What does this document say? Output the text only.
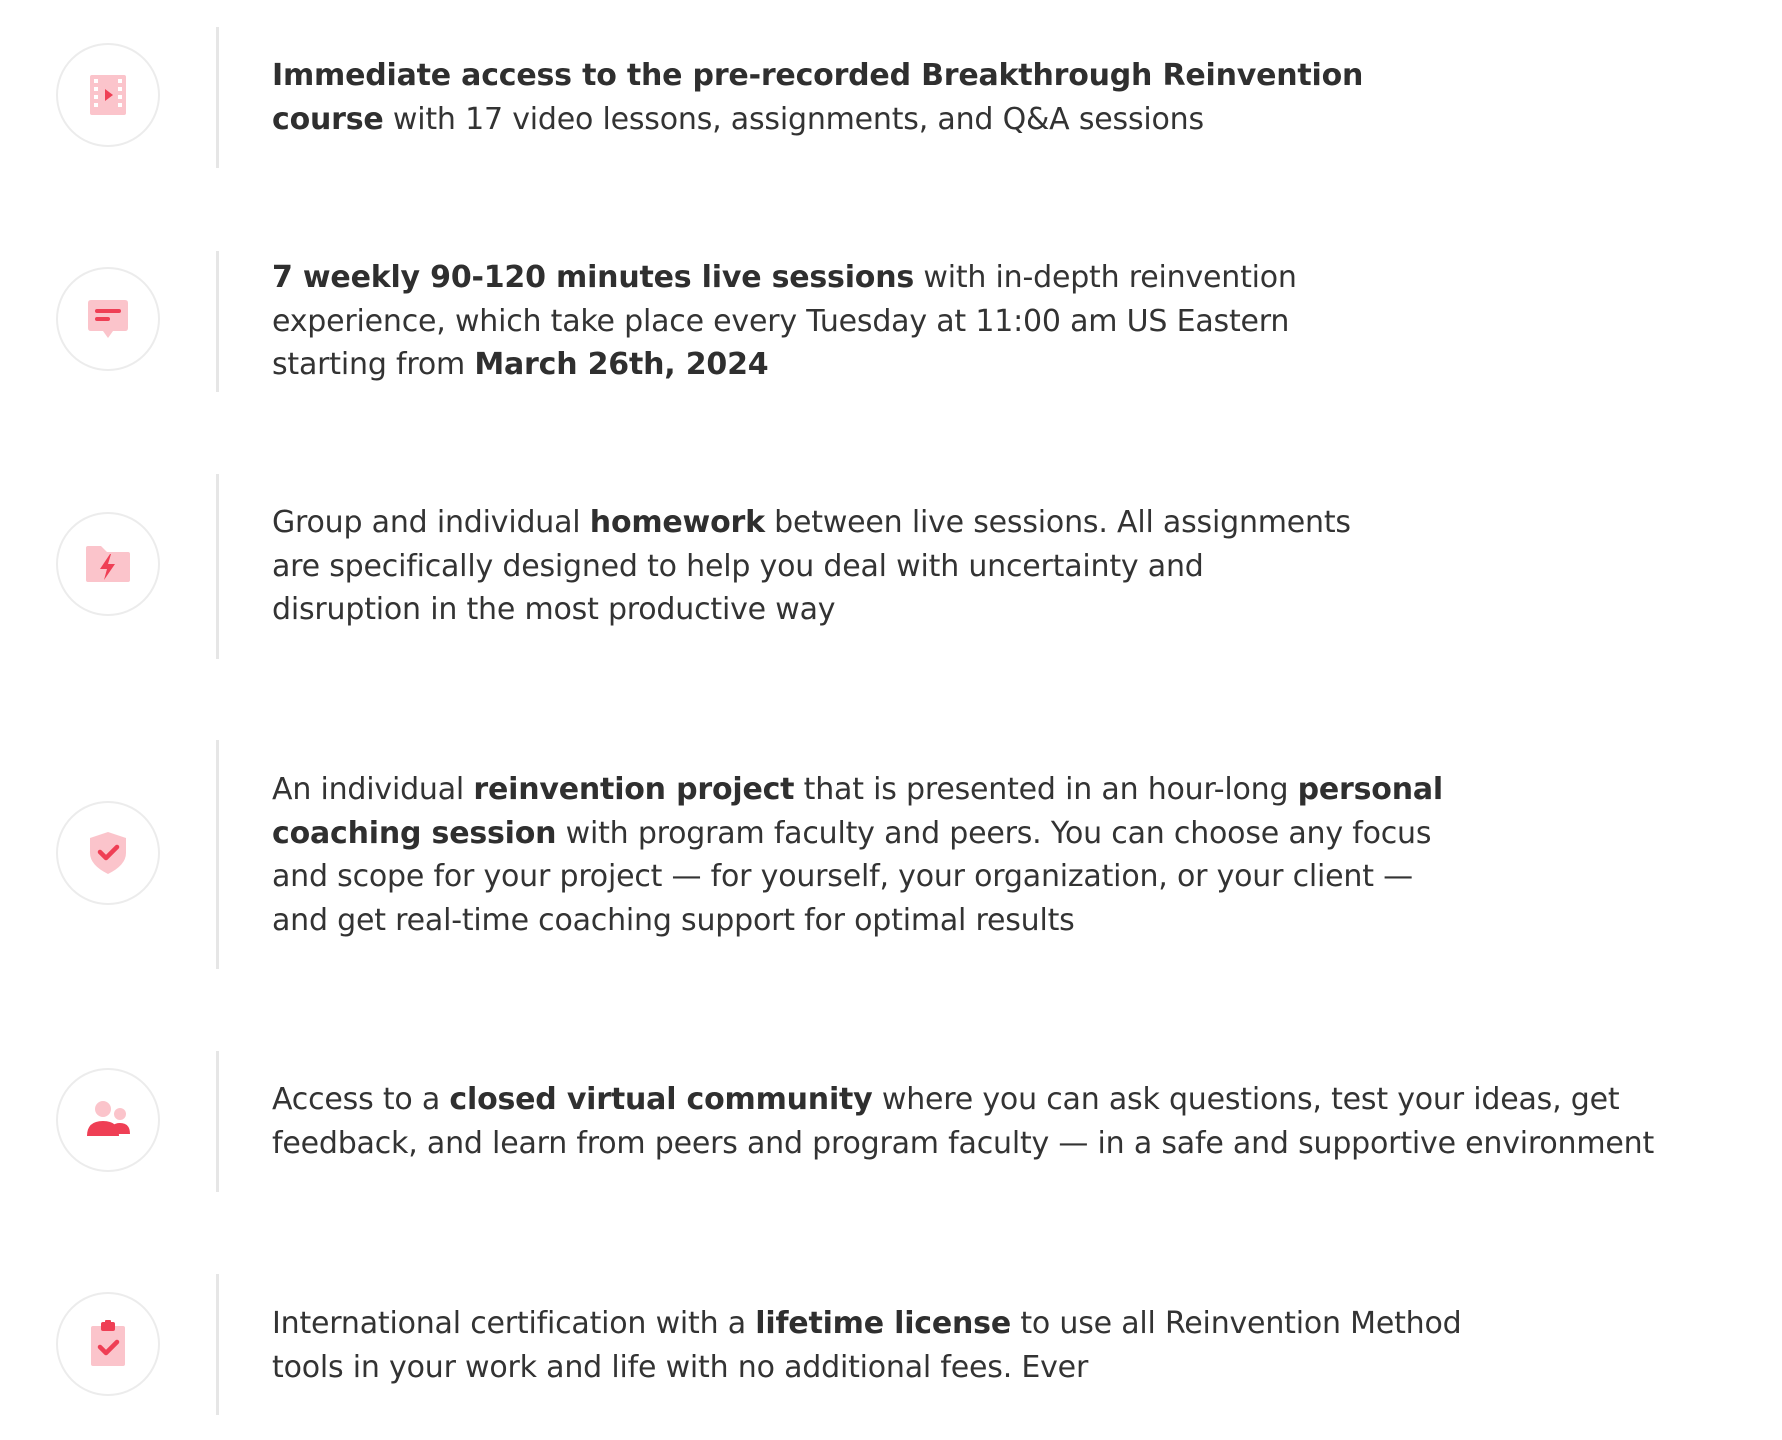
Immediate access to the pre-recorded Breakthrough Reinvention
course with 17 video lessons, assignments, and Q&A sessions

7 weekly 90-120 minutes live sessions with in-depth reinvention
experience, which take place every Tuesday at 11:00 am US Eastern
starting from March 26th, 2024

Group and individual homework between live sessions. All assignments
are specifically designed to help you deal with uncertainty and
disruption in the most productive way

An individual reinvention project that is presented in an hour-long personal
coaching session with program faculty and peers. You can choose any focus
and scope for your project — for yourself, your organization, or your client —
and get real-time coaching support for optimal results

Access to a closed virtual community where you can ask questions, test your ideas, get
feedback, and learn from peers and program faculty — in a safe and supportive environment

International certification with a lifetime license to use all Reinvention Method
tools in your work and life with no additional fees. Ever
